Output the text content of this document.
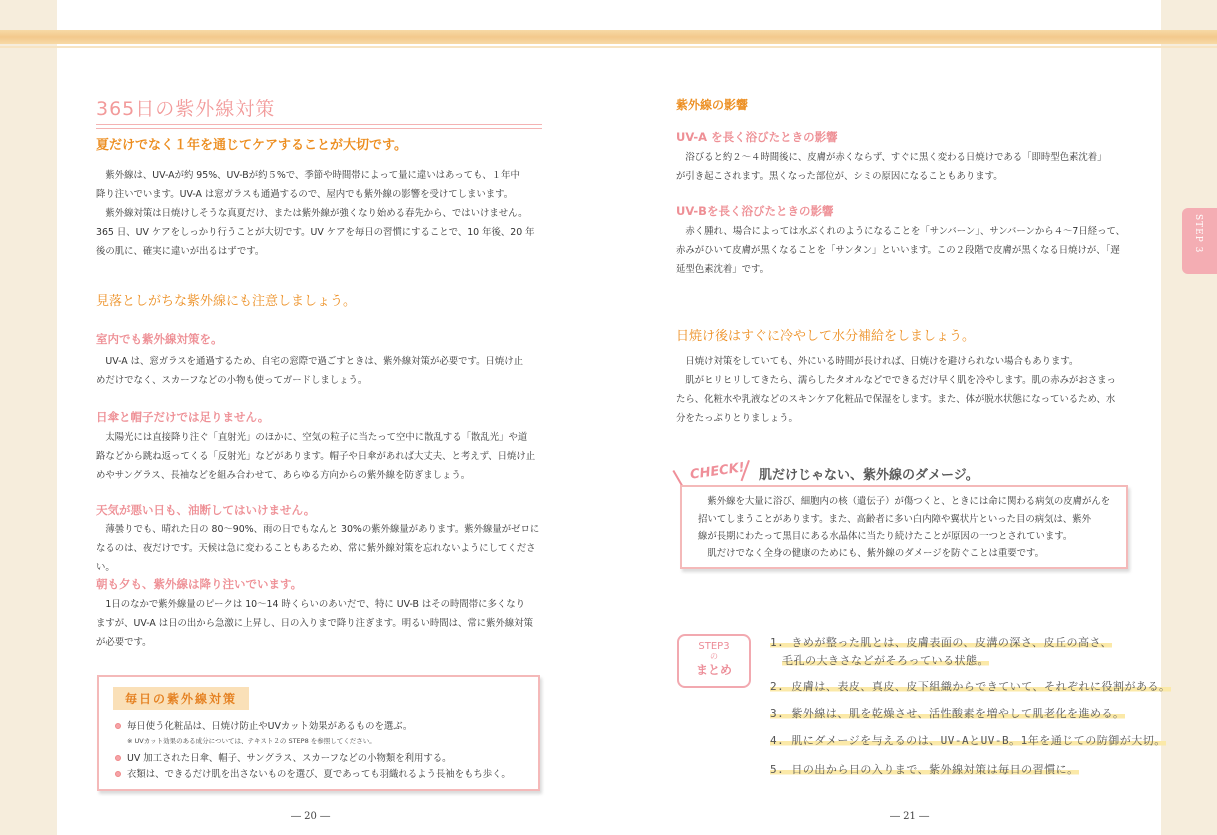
365日の紫外線対策
夏だけでなく１年を通じてケアすることが大切です。

紫外線は、UV-Aが約 95%、UV-Bが約５%で、季節や時間帯によって量に違いはあっても、１年中

降り注いでいます。UV-A は窓ガラスも通過するので、屋内でも紫外線の影響を受けてしまいます。

紫外線対策は日焼けしそうな真夏だけ、または紫外線が強くなり始める春先から、ではいけません。

365 日、UV ケアをしっかり行うことが大切です。UV ケアを毎日の習慣にすることで、10 年後、20 年

後の肌に、確実に違いが出るはずです。

見落としがちな紫外線にも注意しましょう。
室内でも紫外線対策を。

UV-A は、窓ガラスを通過するため、自宅の窓際で過ごすときは、紫外線対策が必要です。日焼け止

めだけでなく、スカーフなどの小物も使ってガードしましょう。

日傘と帽子だけでは足りません。

太陽光には直接降り注ぐ「直射光」のほかに、空気の粒子に当たって空中に散乱する「散乱光」や道

路などから跳ね返ってくる「反射光」などがあります。帽子や日傘があれば大丈夫、と考えず、日焼け止

めやサングラス、長袖などを組み合わせて、あらゆる方向からの紫外線を防ぎましょう。

天気が悪い日も、油断してはいけません。

薄曇りでも、晴れた日の 80～90%、雨の日でもなんと 30%の紫外線量があります。紫外線量がゼロに

なるのは、夜だけです。天候は急に変わることもあるため、常に紫外線対策を忘れないようにしてください。

朝も夕も、紫外線は降り注いでいます。

1日のなかで紫外線量のピークは 10～14 時くらいのあいだで、特に UV-B はその時間帯に多くなり

ますが、UV-A は日の出から急激に上昇し、日の入りまで降り注ぎます。明るい時間は、常に紫外線対策

が必要です。

毎日の紫外線対策
毎日使う化粧品は、日焼け防止やUVカット効果があるものを選ぶ。
※ UVカット効果のある成分については、テキスト２の STEP8 を参照してください。
UV 加工された日傘、帽子、サングラス、スカーフなどの小物類を利用する。
衣類は、できるだけ肌を出さないものを選び、夏であっても羽織れるよう長袖をもち歩く。
― 20 ―
紫外線の影響
UV-A を長く浴びたときの影響

浴びると約２～４時間後に、皮膚が赤くならず、すぐに黒く変わる日焼けである「即時型色素沈着」

が引き起こされます。黒くなった部位が、シミの原因になることもあります。

UV-Bを長く浴びたときの影響

赤く腫れ、場合によっては水ぶくれのようになることを「サンバーン」、サンバーンから４～7日経って、

赤みがひいて皮膚が黒くなることを「サンタン」といいます。この２段階で皮膚が黒くなる日焼けが、「遅

延型色素沈着」です。

日焼け後はすぐに冷やして水分補給をしましょう。

日焼け対策をしていても、外にいる時間が長ければ、日焼けを避けられない場合もあります。

肌がヒリヒリしてきたら、濡らしたタオルなどでできるだけ早く肌を冷やします。肌の赤みがおさまっ

たら、化粧水や乳液などのスキンケア化粧品で保湿をします。また、体が脱水状態になっているため、水

分をたっぷりとりましょう。

CHECK! 肌だけじゃない、紫外線のダメージ。

紫外線を大量に浴び、細胞内の核（遺伝子）が傷つくと、ときには命に関わる病気の皮膚がんを

招いてしまうことがあります。また、高齢者に多い白内障や翼状片といった目の病気は、紫外

線が長期にわたって黒目にある水晶体に当たり続けたことが原因の一つとされています。

肌だけでなく全身の健康のためにも、紫外線のダメージを防ぐことは重要です。

STEP3
の
まとめ
1. きめが整った肌とは、皮膚表面の、皮溝の深さ、皮丘の高さ、
毛孔の大きさなどがそろっている状態。
2. 皮膚は、表皮、真皮、皮下組織からできていて、それぞれに役割がある。
3. 紫外線は、肌を乾燥させ、活性酸素を増やして肌老化を進める。
4. 肌にダメージを与えるのは、UV-AとUV-B。1年を通じての防御が大切。
5. 日の出から日の入りまで、紫外線対策は毎日の習慣に。
― 21 ―
STEP 3
